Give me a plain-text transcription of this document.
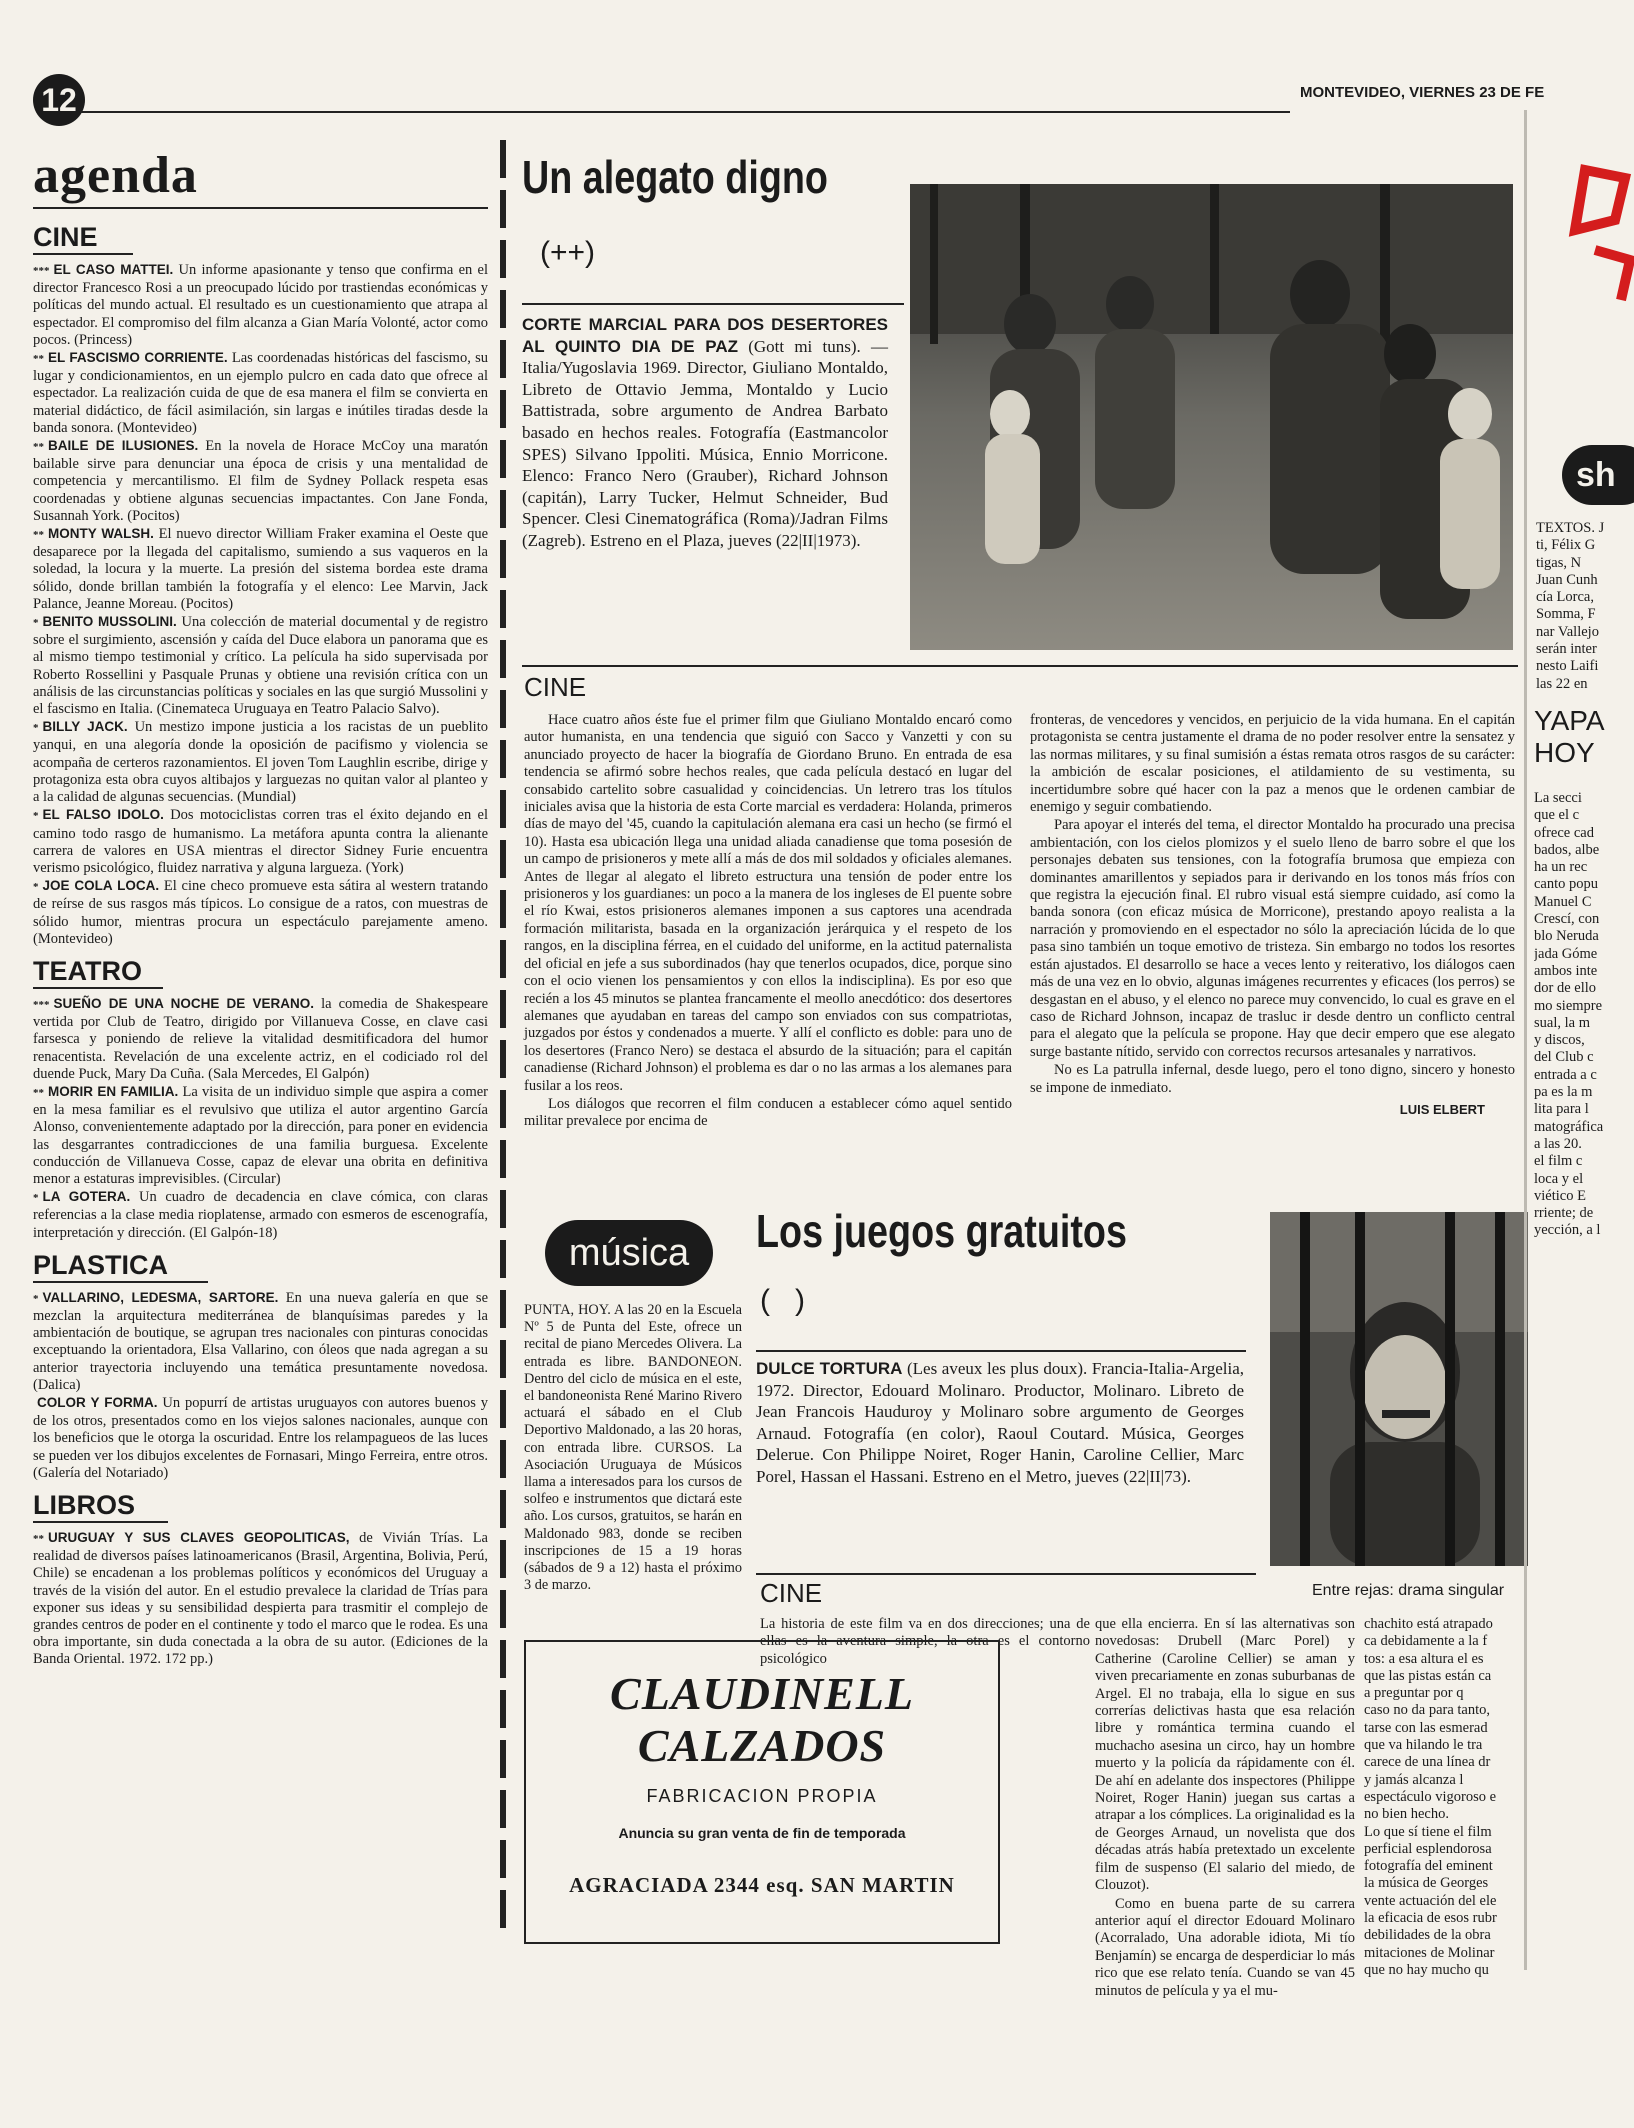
12	MONTEVIDEO, VIERNES 23 DE FE
agenda
CINE
*** EL CASO MATTEI. Un informe apasionante y tenso que confirma en el director Francesco Rosi a un preocupado lúcido por trastiendas económicas y políticas del mundo actual. El resultado es un cuestionamiento que atrapa al espectador. El compromiso del film alcanza a Gian María Volonté, actor como pocos. (Princess)
** EL FASCISMO CORRIENTE. Las coordenadas históricas del fascismo, su lugar y condicionamientos, en un ejemplo pulcro en cada dato que ofrece al espectador. La realización cuida de que de esa manera el film se convierta en material didáctico, de fácil asimilación, sin largas e inútiles tiradas desde la banda sonora. (Montevideo)
** BAILE DE ILUSIONES. En la novela de Horace McCoy una maratón bailable sirve para denunciar una época de crisis y una mentalidad de competencia y mercantilismo. El film de Sydney Pollack respeta esas coordenadas y obtiene algunas secuencias impactantes. Con Jane Fonda, Susannah York. (Pocitos)
** MONTY WALSH. El nuevo director William Fraker examina el Oeste que desaparece por la llegada del capitalismo, sumiendo a sus vaqueros en la soledad, la locura y la muerte. La presión del sistema bordea este drama sólido, donde brillan también la fotografía y el elenco: Lee Marvin, Jack Palance, Jeanne Moreau. (Pocitos)
* BENITO MUSSOLINI. Una colección de material documental y de registro sobre el surgimiento, ascensión y caída del Duce elabora un panorama que es al mismo tiempo testimonial y crítico. La película ha sido supervisada por Roberto Rossellini y Pasquale Prunas y obtiene una revisión crítica con un análisis de las circunstancias políticas y sociales en las que surgió Mussolini y el fascismo en Italia. (Cinemateca Uruguaya en Teatro Palacio Salvo).
* BILLY JACK. Un mestizo impone justicia a los racistas de un pueblito yanqui, en una alegoría donde la oposición de pacifismo y violencia se acompaña de certeros razonamientos. El joven Tom Laughlin escribe, dirige y protagoniza esta obra cuyos altibajos y larguezas no quitan valor al planteo y a la calidad de algunas secuencias. (Mundial)
* EL FALSO IDOLO. Dos motociclistas corren tras el éxito dejando en el camino todo rasgo de humanismo. La metáfora apunta contra la alienante carrera de valores en USA mientras el director Sidney Furie encuentra verismo psicológico, fluidez narrativa y alguna largueza. (York)
* JOE COLA LOCA. El cine checo promueve esta sátira al western tratando de reírse de sus rasgos más típicos. Lo consigue de a ratos, con muestras de sólido humor, mientras procura un espectáculo parejamente ameno. (Montevideo)
TEATRO
*** SUEÑO DE UNA NOCHE DE VERANO. la comedia de Shakespeare vertida por Club de Teatro, dirigido por Villanueva Cosse, en clave casi farsesca y poniendo de relieve la vitalidad desmitificadora del humor renacentista. Revelación de una excelente actriz, en el codiciado rol del duende Puck, Mary Da Cuña. (Sala Mercedes, El Galpón)
** MORIR EN FAMILIA. La visita de un individuo simple que aspira a comer en la mesa familiar es el revulsivo que utiliza el autor argentino García Alonso, convenientemente adaptado por la dirección, para poner en evidencia las desgarrantes contradicciones de una familia burguesa. Excelente conducción de Villanueva Cosse, capaz de elevar una obrita en definitiva menor a estaturas imprevisibles. (Circular)
* LA GOTERA. Un cuadro de decadencia en clave cómica, con claras referencias a la clase media rioplatense, armado con esmeros de escenografía, interpretación y dirección. (El Galpón-18)
PLASTICA
* VALLARINO, LEDESMA, SARTORE. En una nueva galería en que se mezclan la arquitectura mediterránea de blanquísimas paredes y la ambientación de boutique, se agrupan tres nacionales con pinturas conocidas exceptuando la orientadora, Elsa Vallarino, con óleos que nada agregan a su anterior trayectoria incluyendo una temática presuntamente novedosa. (Dalica)
COLOR Y FORMA. Un popurrí de artistas uruguayos con autores buenos y de los otros, presentados como en los viejos salones nacionales, aunque con los beneficios que le otorga la oscuridad. Entre los relampagueos de las luces se pueden ver los dibujos excelentes de Fornasari, Mingo Ferreira, entre otros. (Galería del Notariado)
LIBROS
** URUGUAY Y SUS CLAVES GEOPOLITICAS, de Vivián Trías. La realidad de diversos países latinoamericanos (Brasil, Argentina, Bolivia, Perú, Chile) se encadenan a los problemas políticos y económicos del Uruguay a través de la visión del autor. En el estudio prevalece la claridad de Trías para exponer sus ideas y su sensibilidad despierta para trasmitir el complejo de grandes centros de poder en el continente y todo el marco que le rodea. Es una obra importante, sin duda conectada a la obra de su autor. (Ediciones de la Banda Oriental. 1972. 172 pp.)
Un alegato digno
(++)
CORTE MARCIAL PARA DOS DESERTORES AL QUINTO DIA DE PAZ (Gott mi tuns). — Italia/Yugoslavia 1969. Director, Giuliano Montaldo, Libreto de Ottavio Jemma, Montaldo y Lucio Battistrada, sobre argumento de Andrea Barbato basado en hechos reales. Fotografía (Eastmancolor SPES) Silvano Ippoliti. Música, Ennio Morricone. Elenco: Franco Nero (Grauber), Richard Johnson (capitán), Larry Tucker, Helmut Schneider, Bud Spencer. Clesi Cinematográfica (Roma)/Jadran Films (Zagreb). Estreno en el Plaza, jueves (22|II|1973).
CINE

Hace cuatro años éste fue el primer film que Giuliano Montaldo encaró como autor humanista, en una tendencia que siguió con Sacco y Vanzetti y con su anunciado proyecto de hacer la biografía de Giordano Bruno. En entrada de esa tendencia se afirmó sobre hechos reales, que cada película destacó en lugar del consabido cartelito sobre casualidad y coincidencias. Un letrero tras los títulos iniciales avisa que la historia de esta Corte marcial es verdadera: Holanda, primeros días de mayo del '45, cuando la capitulación alemana era casi un hecho (se firmó el 10). Hasta esa ubicación llega una unidad aliada canadiense que toma posesión de un campo de prisioneros y mete allí a más de dos mil soldados y oficiales alemanes. Antes de llegar al alegato el libreto estructura una tensión de poder entre los prisioneros y los guardianes: un poco a la manera de los ingleses de El puente sobre el río Kwai, estos prisioneros alemanes imponen a sus captores una acendrada formación militarista, basada en la organización jerárquica y el respeto de los rangos, en la disciplina férrea, en el cuidado del uniforme, en la actitud paternalista del oficial en jefe a sus subordinados (hay que tenerlos ocupados, dice, porque sino con el ocio vienen los pensamientos y con ellos la indisciplina). Es por eso que recién a los 45 minutos se plantea francamente el meollo anecdótico: dos desertores alemanes que ayudaban en tareas del campo son enviados con sus compatriotas, juzgados por éstos y condenados a muerte. Y allí el conflicto es doble: para uno de los desertores (Franco Nero) se destaca el absurdo de la situación; para el capitán canadiense (Richard Johnson) el problema es dar o no las armas a los alemanes para fusilar a los reos.

Los diálogos que recorren el film conducen a establecer cómo aquel sentido militar prevalece por encima de

fronteras, de vencedores y vencidos, en perjuicio de la vida humana. En el capitán protagonista se centra justamente el drama de no poder resolver entre la sensatez y las normas militares, y su final sumisión a éstas remata otros rasgos de su carácter: la ambición de escalar posiciones, el atildamiento de su vestimenta, su incertidumbre sobre qué hacer con la paz a menos que le ordenen cambiar de enemigo y seguir combatiendo.

Para apoyar el interés del tema, el director Montaldo ha procurado una precisa ambientación, con los cielos plomizos y el suelo lleno de barro sobre el que los personajes debaten sus tensiones, con la fotografía brumosa que empieza con dominantes amarillentos y sepiados para ir derivando en los tonos más fríos con que registra la ejecución final. El rubro visual está siempre cuidado, así como la banda sonora (con eficaz música de Morricone), prestando apoyo realista a la narración y promoviendo en el espectador no sólo la apreciación lúcida de lo que pasa sino también un toque emotivo de tristeza. Sin embargo no todos los resortes están ajustados. El desarrollo se hace a veces lento y reiterativo, los diálogos caen más de una vez en lo obvio, algunas imágenes recurrentes y eficaces (los perros) se desgastan en el abuso, y el elenco no parece muy convencido, lo cual es grave en el caso de Richard Johnson, incapaz de trasluc ir desde dentro un conflicto central para el alegato que la película se propone. Hay que decir empero que ese alegato surge bastante nítido, servido con correctos recursos artesanales y narrativos.

No es La patrulla infernal, desde luego, pero el tono digno, sincero y honesto se impone de inmediato.

LUIS ELBERT
música
PUNTA, HOY. A las 20 en la Escuela Nº 5 de Punta del Este, ofrece un recital de piano Mercedes Olivera. La entrada es libre. BANDONEON. Dentro del ciclo de música en el este, el bandoneonista René Marino Rivero actuará el sábado en el Club Deportivo Maldonado, a las 20 horas, con entrada libre. CURSOS. La Asociación Uruguaya de Músicos llama a interesados para los cursos de solfeo e instrumentos que dictará este año. Los cursos, gratuitos, se harán en Maldonado 983, donde se reciben inscripciones de 15 a 19 horas (sábados de 9 a 12) hasta el próximo 3 de marzo.
Los juegos gratuitos
(   )
DULCE TORTURA (Les aveux les plus doux). Francia-Italia-Argelia, 1972. Director, Edouard Molinaro. Productor, Molinaro. Libreto de Jean Francois Hauduroy y Molinaro sobre argumento de Georges Arnaud. Fotografía (en color), Raoul Coutard. Música, Georges Delerue. Con Philippe Noiret, Roger Hanin, Caroline Cellier, Marc Porel, Hassan el Hassani. Estreno en el Metro, jueves (22|II|73).
Entre rejas: drama singular
CINE
La historia de este film va en dos direcciones; una de ellas es la aventura simple, la otra es el contorno psicológico

que ella encierra. En sí las alternativas son novedosas: Drubell (Marc Porel) y Catherine (Caroline Cellier) se aman y viven precariamente en zonas suburbanas de Argel. El no trabaja, ella lo sigue en sus correrías delictivas hasta que esa relación libre y romántica termina cuando el muchacho asesina un circo, hay un hombre muerto y la policía da rápidamente con él. De ahí en adelante dos inspectores (Philippe Noiret, Roger Hanin) juegan sus cartas a atrapar a los cómplices. La originalidad es la de Georges Arnaud, un novelista que dos décadas atrás había pretextado un excelente film de suspenso (El salario del miedo, de Clouzot).

Como en buena parte de su carrera anterior aquí el director Edouard Molinaro (Acorralado, Una adorable idiota, Mi tío Benjamín) se encarga de desperdiciar lo más rico que ese relato tenía. Cuando se van 45 minutos de película y ya el mu-

CLAUDINELL
CALZADOS
FABRICACION PROPIA
Anuncia su gran venta de fin de temporada
AGRACIADA 2344 esq. SAN MARTIN
sh
TEXTOS. J
ti, Félix G
tigas, N
Juan Cunh
cía Lorca,
Somma, F
nar Vallejo
serán inter
nesto Laifi
las 22 en
YAPA
HOY
La secci
que el c
ofrece cad
bados, albe
ha un rec
canto popu
Manuel C
Crescí, con
blo Neruda
jada Góme
ambos inte
dor de ello
mo siempre
sual, la m
y discos,
del Club c
entrada a c
pa es la m
lita para l
matográfica
a las 20.
el film c
loca y el
viético E
rriente; de
yección, a l
chachito está atrapado
ca debidamente a la f
tos: a esa altura el es
que las pistas están ca
a preguntar por q
caso no da para tanto,
tarse con las esmerad
que va hilando le tra
carece de una línea dr
y jamás alcanza l
espectáculo vigoroso e
no bien hecho.
Lo que sí tiene el film
perficial esplendorosa
fotografía del eminent
la música de Georges
vente actuación del ele
la eficacia de esos rubr
debilidades de la obra
mitaciones de Molinar
que no hay mucho qu
